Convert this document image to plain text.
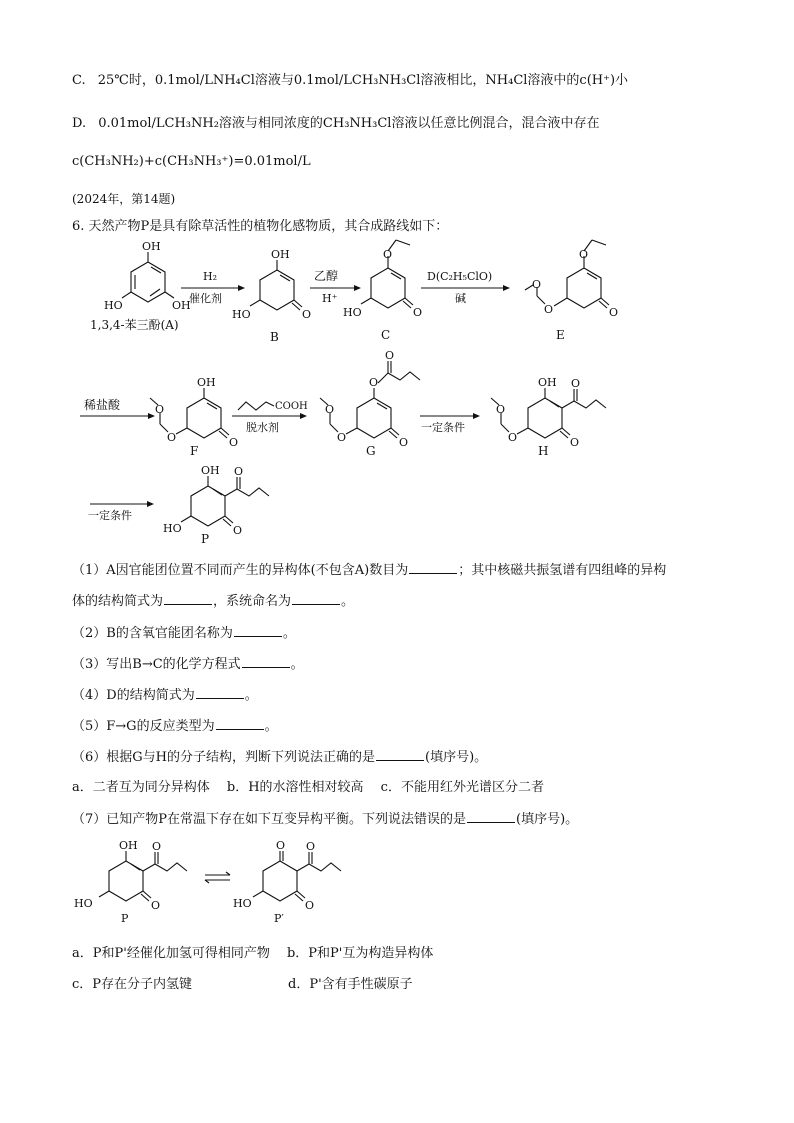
C. 25℃时，0.1mol/LNH₄Cl溶液与0.1mol/LCH₃NH₃Cl溶液相比，NH₄Cl溶液中的c(H⁺)小
D. 0.01mol/LCH₃NH₂溶液与相同浓度的CH₃NH₃Cl溶液以任意比例混合，混合液中存在
c(CH₃NH₂)+c(CH₃NH₃⁺)=0.01mol/L
(2024年，第14题)
6. 天然产物P是具有除草活性的植物化感物质，其合成路线如下：
OH
OH
HO
1,3,4-苯三酚(A)
H₂
催化剂
OH
O
HO
B
乙醇
H⁺
O
O
HO
C
D(C₂H₅ClO)
碱
O
O
O
O
E
稀盐酸
OH
O
O
O
F
COOH
脱水剂
O
O
O
O
O
G
一定条件
OH O
O
O
O
H
一定条件
OH O
O
HO
P
OH O
O
HO
P
O O
O
HO
P′
（1）A因官能团位置不同而产生的异构体(不包含A)数目为	；其中核磁共振氢谱有四组峰的异构
体的结构简式为	，系统命名为	。
（2）B的含氧官能团名称为	。
（3）写出B→C的化学方程式	。
（4）D的结构简式为	。
（5）F→G的反应类型为	。
（6）根据G与H的分子结构，判断下列说法正确的是	(填序号)。
a．二者互为同分异构体　 b．H的水溶性相对较高　 c．不能用红外光谱区分二者
（7）已知产物P在常温下存在如下互变异构平衡。下列说法错误的是	(填序号)。
a．P和P'经催化加氢可得相同产物　 b．P和P'互为构造异构体
c．P存在分子内氢键	d．P'含有手性碳原子
